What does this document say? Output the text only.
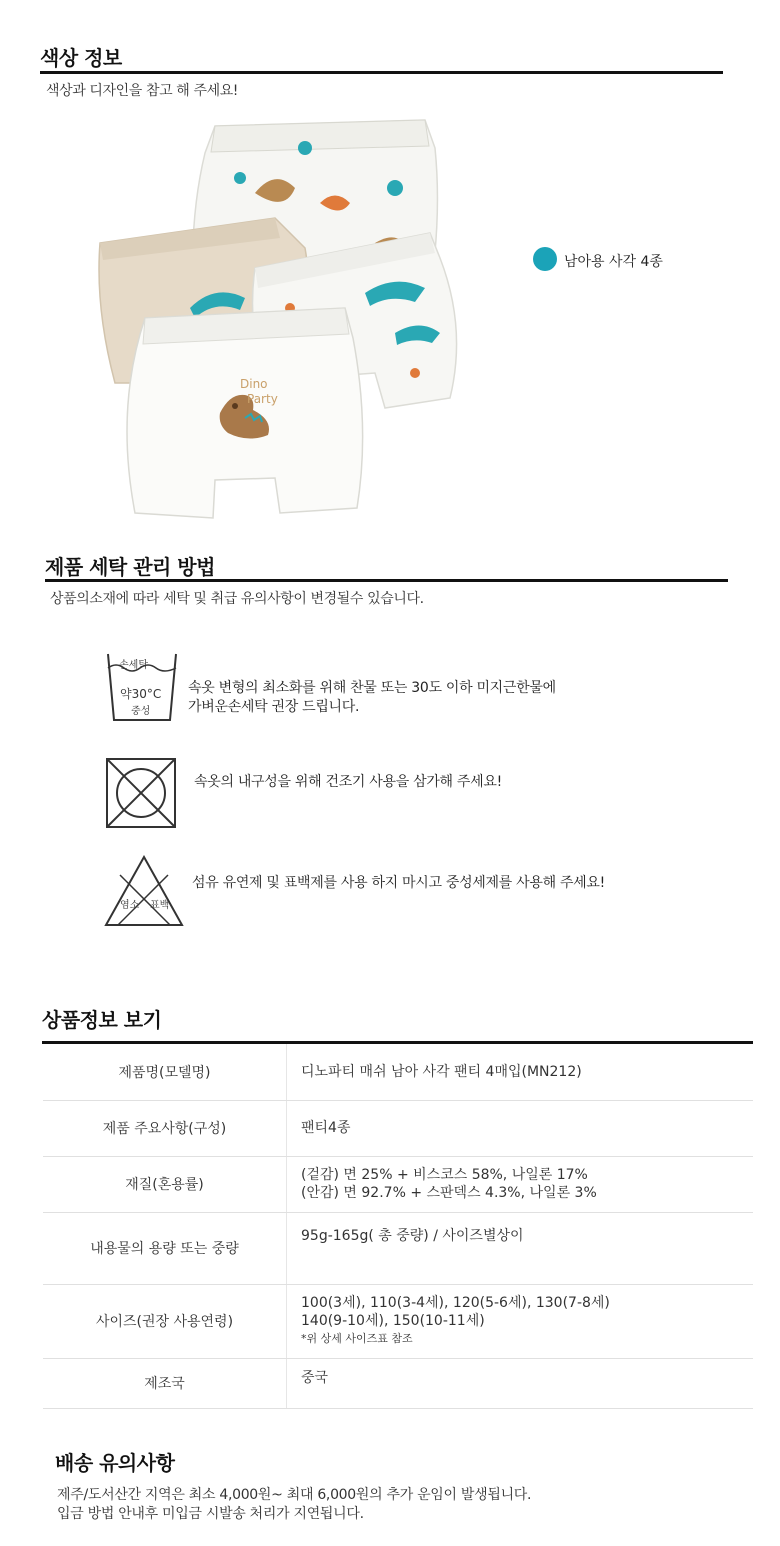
색상 정보
색상과 디자인을 참고 해 주세요!
Dino
Party
남아용 사각 4종
제품 세탁 관리 방법
상품의소재에 따라 세탁 및 취급 유의사항이 변경될수 있습니다.
손세탁
약30°C
중성
속옷 변형의 최소화를 위해 찬물 또는 30도 이하 미지근한물에
가벼운손세탁 권장 드립니다.
속옷의 내구성을 위해 건조기 사용을 삼가해 주세요!
염소 표백
섬유 유연제 및 표백제를 사용 하지 마시고 중성세제를 사용해 주세요!
상품정보 보기
제품명(모델명)	디노파티 매쉬 남아 사각 팬티 4매입(MN212)
제품 주요사항(구성)	팬티4종
재질(혼용률)	(겉감) 면 25% + 비스코스 58%, 나일론 17%
(안감) 면 92.7% + 스판덱스 4.3%, 나일론 3%

내용물의 용량 또는 중량	95g-165g( 총 중량) / 사이즈별상이
사이즈(권장 사용연령)	100(3세), 110(3-4세), 120(5-6세), 130(7-8세)
140(9-10세), 150(10-11세)
*위 상세 사이즈표 참조

제조국	중국
배송 유의사항
제주/도서산간 지역은 최소 4,000원~ 최대 6,000원의 추가 운임이 발생됩니다.
입금 방법 안내후 미입금 시발송 처리가 지연됩니다.
